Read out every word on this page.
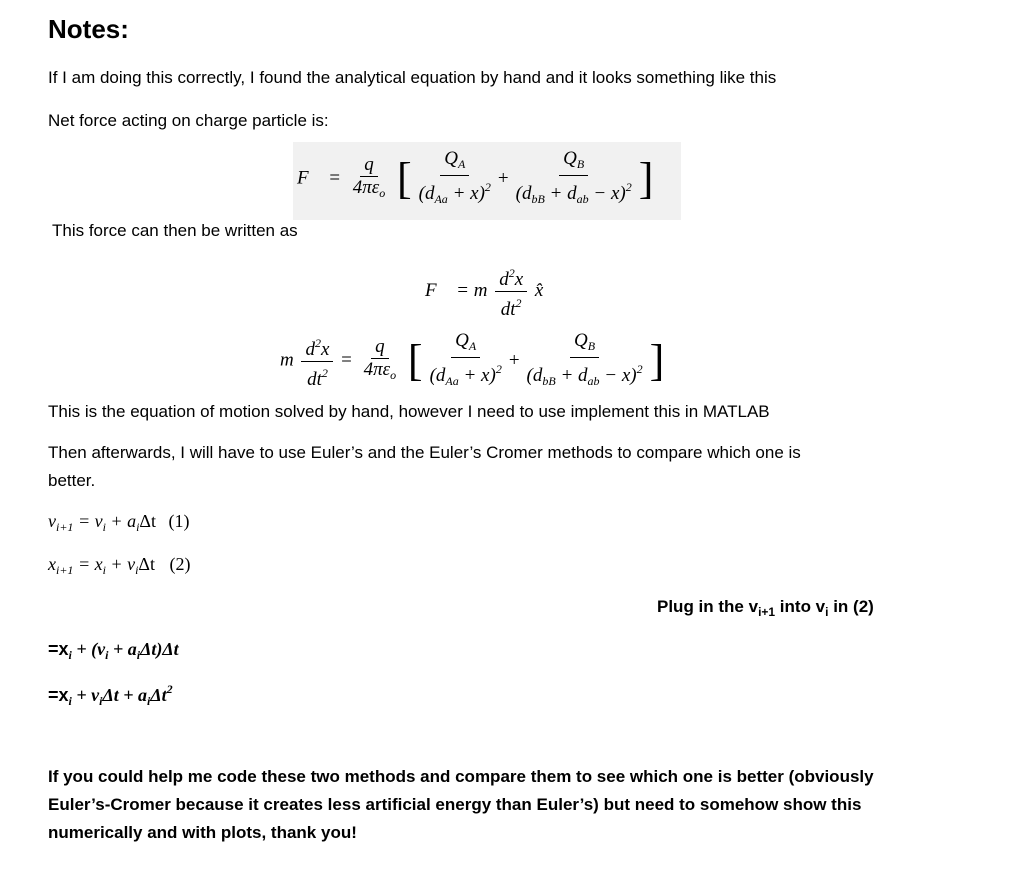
Notes:
If I am doing this correctly, I found the analytical equation by hand and it looks something like this
Net force acting on charge particle is:
F⃗ = $\frac{q}{4\pi\varepsilon_o}$
[ $\frac{Q_A}{(d_{Aa} + x)^2} + \frac{Q_B}{(d_{bB} + d_{ab} - x)^2}$ ]
This force can then be written as
F⃗ = m $\frac{d^2x}{dt^2}$ x̂
m $\frac{d^2x}{dt^2} = \frac{q}{4\pi\varepsilon_o}$
[ $\frac{Q_A}{(d_{Aa} + x)^2} + \frac{Q_B}{(d_{bB} + d_{ab} - x)^2}$ ]
This is the equation of motion solved by hand, however I need to use implement this in MATLAB
Then afterwards, I will have to use Euler’s and the Euler’s Cromer methods to compare which one is
better.
$v_{i+1} = v_i + a_i\Delta t$ (1)
$x_{i+1} = x_i + v_i\Delta t$ (2)
Plug in the $v_{i+1}$ into $v_i$ in (2)
$=x_i + (v_i + a_i\Delta t)\Delta t$
$=x_i + v_i\Delta t + a_i\Delta t^2$
If you could help me code these two methods and compare them to see which one is better (obviously
Euler’s-Cromer because it creates less artificial energy than Euler’s) but need to somehow show this
numerically and with plots, thank you!
